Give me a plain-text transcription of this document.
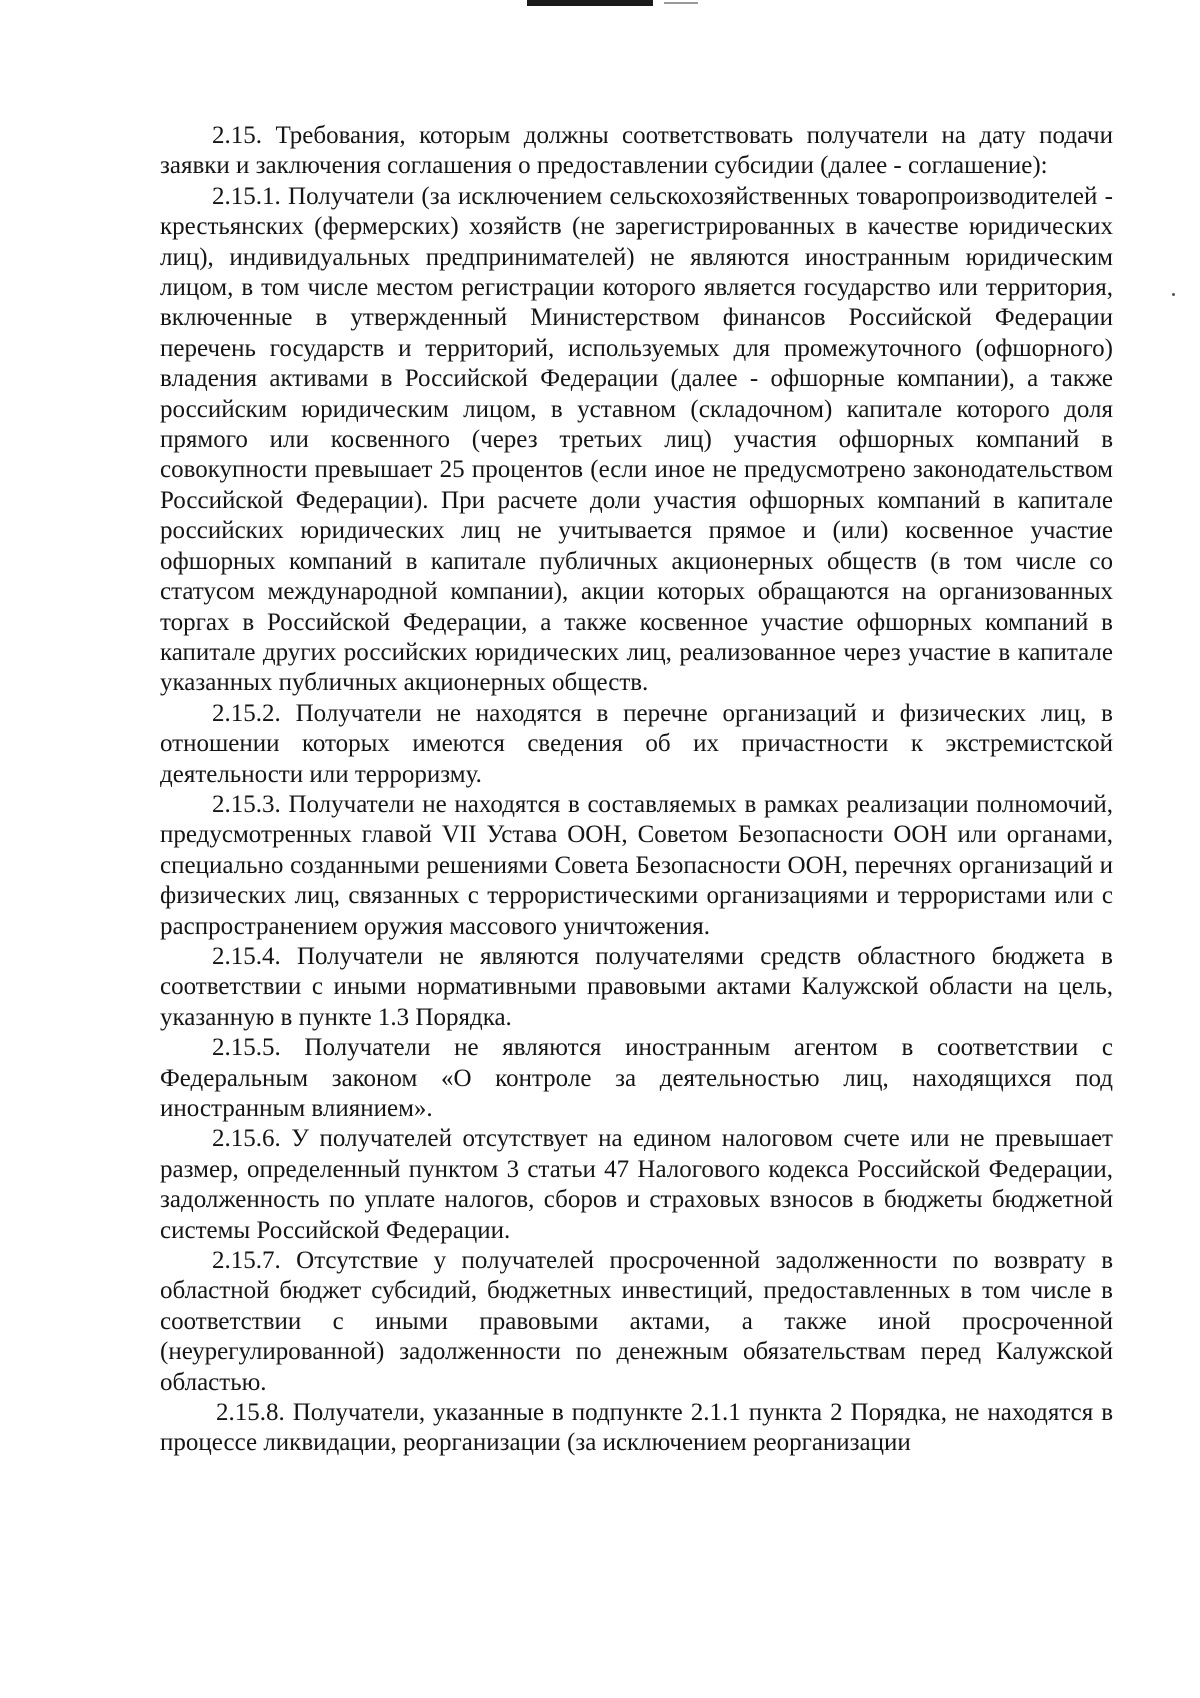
2.15. Требования, которым должны соответствовать получатели на дату подачи заявки и заключения соглашения о предоставлении субсидии (далее - соглашение):

2.15.1. Получатели (за исключением сельскохозяйственных товаропроизводителей - крестьянских (фермерских) хозяйств (не зарегистрированных в качестве юридических лиц), индивидуальных предпринимателей) не являются иностранным юридическим лицом, в том числе местом регистрации которого является государство или территория, включенные в утвержденный Министерством финансов Российской Федерации перечень государств и территорий, используемых для промежуточного (офшорного) владения активами в Российской Федерации (далее - офшорные компании), а также российским юридическим лицом, в уставном (складочном) капитале которого доля прямого или косвенного (через третьих лиц) участия офшорных компаний в совокупности превышает 25 процентов (если иное не предусмотрено законодательством Российской Федерации). При расчете доли участия офшорных компаний в капитале российских юридических лиц не учитывается прямое и (или) косвенное участие офшорных компаний в капитале публичных акционерных обществ (в том числе со статусом международной компании), акции которых обращаются на организованных торгах в Российской Федерации, а также косвенное участие офшорных компаний в капитале других российских юридических лиц, реализованное через участие в капитале указанных публичных акционерных обществ.

2.15.2. Получатели не находятся в перечне организаций и физических лиц, в отношении которых имеются сведения об их причастности к экстремистской деятельности или терроризму.

2.15.3. Получатели не находятся в составляемых в рамках реализации полномочий, предусмотренных главой VII Устава ООН, Советом Безопасности ООН или органами, специально созданными решениями Совета Безопасности ООН, перечнях организаций и физических лиц, связанных с террористическими организациями и террористами или с распространением оружия массового уничтожения.

2.15.4. Получатели не являются получателями средств областного бюджета в соответствии с иными нормативными правовыми актами Калужской области на цель, указанную в пункте 1.3 Порядка.

2.15.5. Получатели не являются иностранным агентом в соответствии с Федеральным законом «О контроле за деятельностью лиц, находящихся под иностранным влиянием».

2.15.6. У получателей отсутствует на едином налоговом счете или не превышает размер, определенный пунктом 3 статьи 47 Налогового кодекса Российской Федерации, задолженность по уплате налогов, сборов и страховых взносов в бюджеты бюджетной системы Российской Федерации.

2.15.7. Отсутствие у получателей просроченной задолженности по возврату в областной бюджет субсидий, бюджетных инвестиций, предоставленных в том числе в соответствии с иными правовыми актами, а также иной просроченной (неурегулированной) задолженности по денежным обязательствам перед Калужской областью.

2.15.8. Получатели, указанные в подпункте 2.1.1 пункта 2 Порядка, не находятся в процессе ликвидации, реорганизации (за исключением реорганизации
